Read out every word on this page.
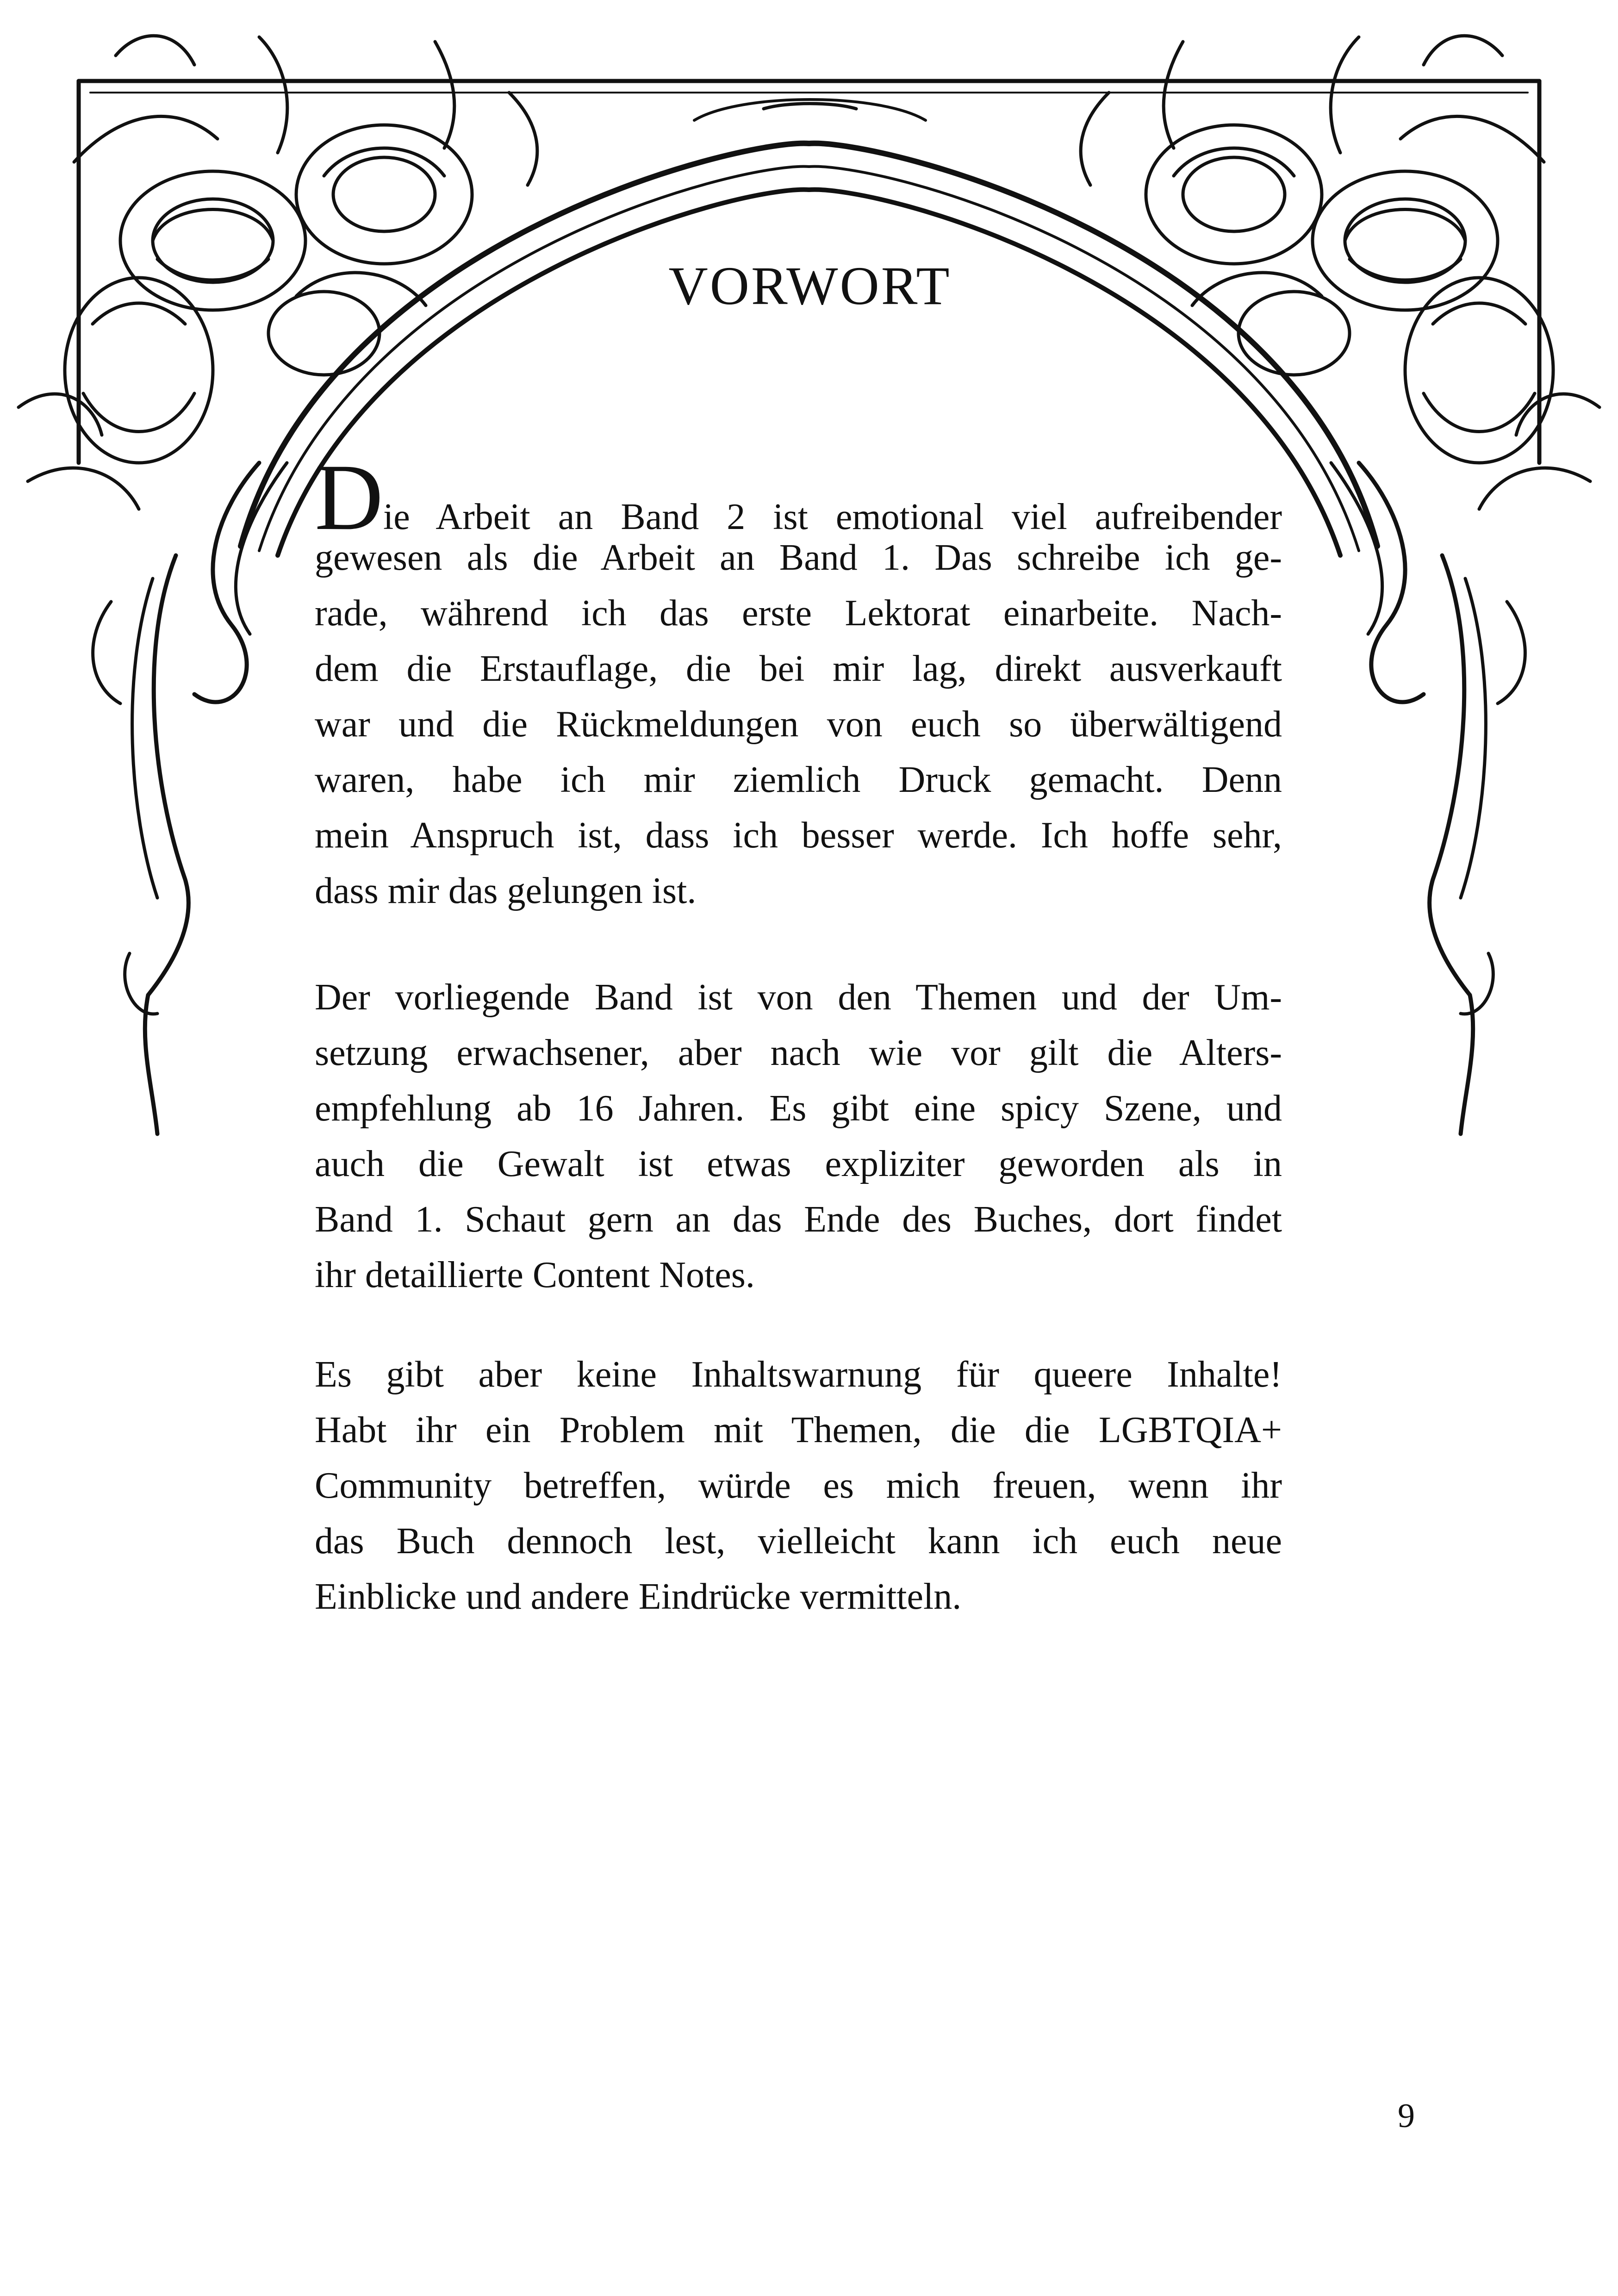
VORWORT
Die Arbeit an Band 2 ist emotional viel aufreibender
gewesen als die Arbeit an Band 1. Das schreibe ich ge-
rade, während ich das erste Lektorat einarbeite. Nach-
dem die Erstauflage, die bei mir lag, direkt ausverkauft
war und die Rückmeldungen von euch so überwältigend
waren, habe ich mir ziemlich Druck gemacht. Denn
mein Anspruch ist, dass ich besser werde. Ich hoffe sehr,
dass mir das gelungen ist.
Der vorliegende Band ist von den Themen und der Um-
setzung erwachsener, aber nach wie vor gilt die Alters-
empfehlung ab 16 Jahren. Es gibt eine spicy Szene, und
auch die Gewalt ist etwas expliziter geworden als in
Band 1. Schaut gern an das Ende des Buches, dort findet
ihr detaillierte Content Notes.
Es gibt aber keine Inhaltswarnung für queere Inhalte!
Habt ihr ein Problem mit Themen, die die LGBTQIA+
Community betreffen, würde es mich freuen, wenn ihr
das Buch dennoch lest, vielleicht kann ich euch neue
Einblicke und andere Eindrücke vermitteln.
9
